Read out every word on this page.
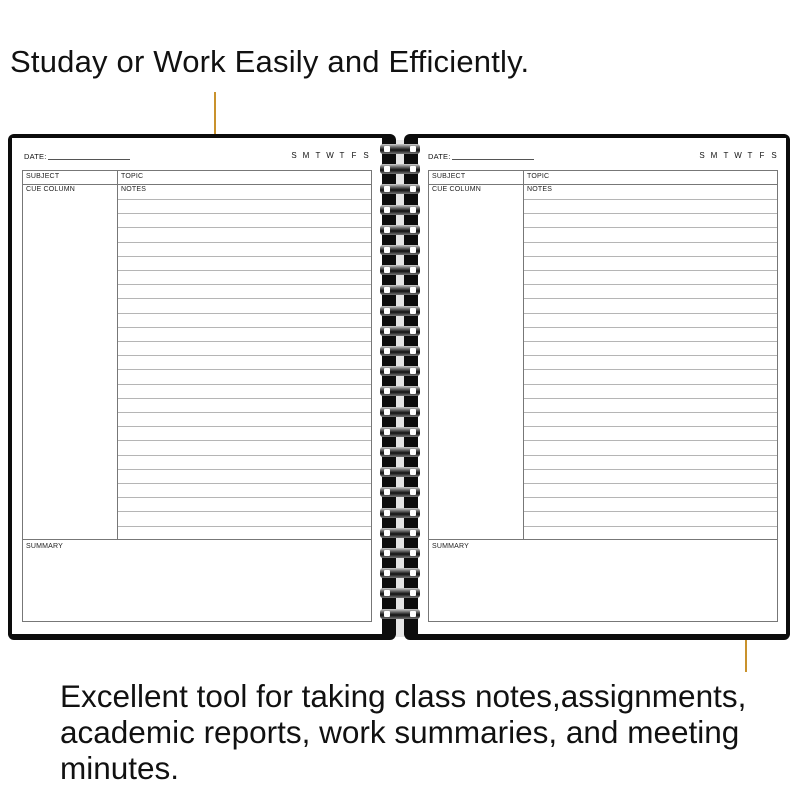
Studay or Work Easily and Efficiently.
DATE:	S M T W T F S
SUBJECT	TOPIC
CUE COLUMN	NOTES
SUMMARY
DATE:	S M T W T F S
SUBJECT	TOPIC
CUE COLUMN	NOTES
SUMMARY

Excellent tool for taking class notes,assignments,
academic reports, work summaries, and meeting
minutes.
